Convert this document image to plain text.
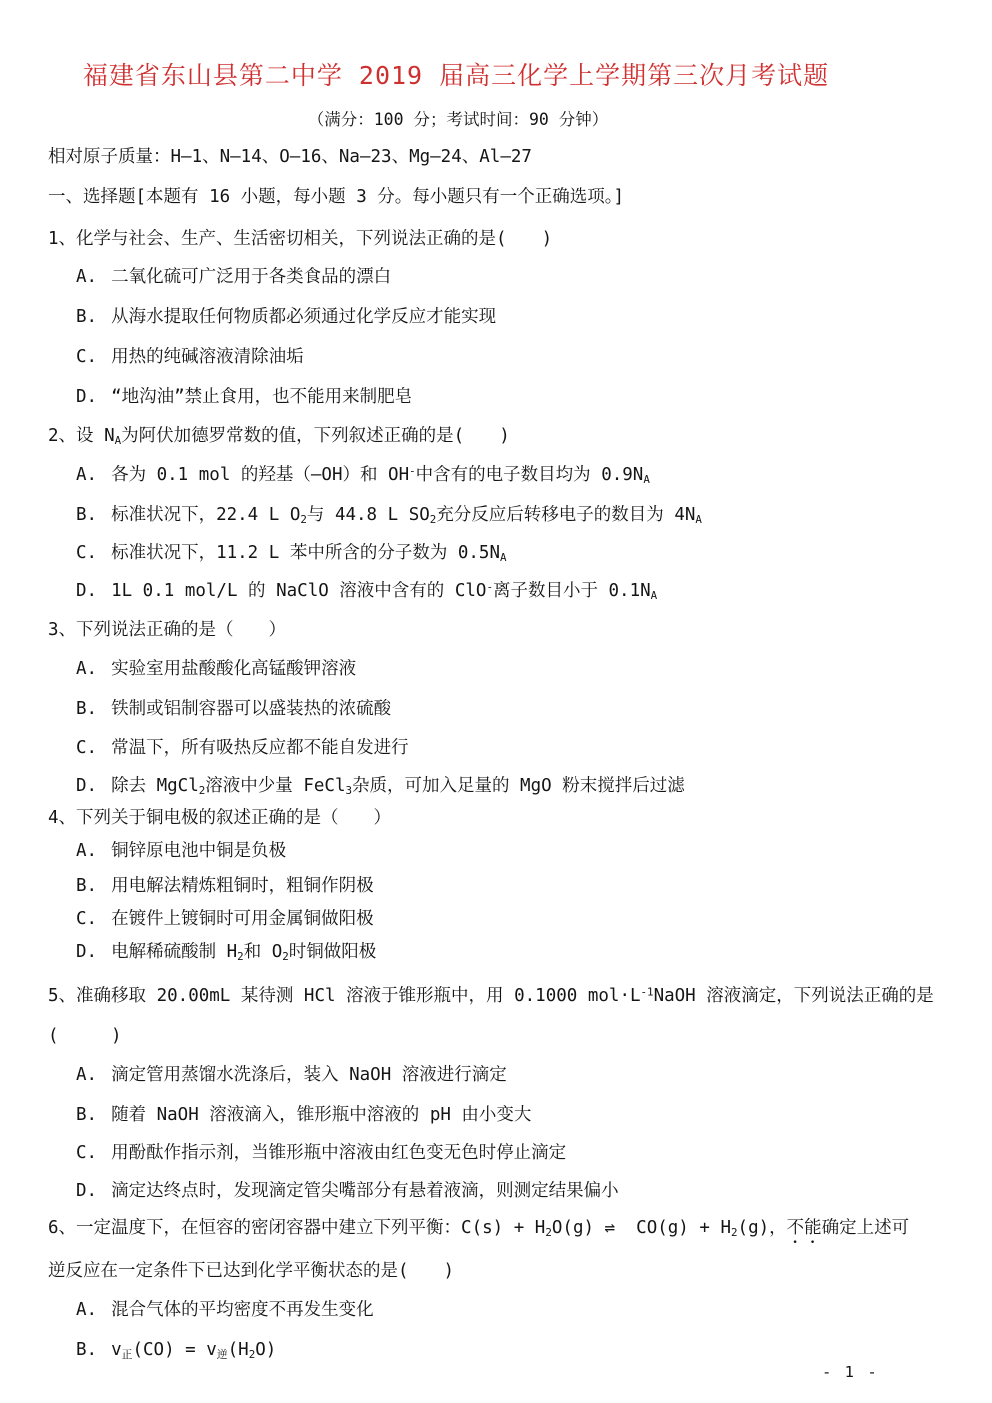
福建省东山县第二中学 2019 届高三化学上学期第三次月考试题
（满分：100 分；考试时间：90 分钟）
相对原子质量：H—1、N—14、O—16、Na—23、Mg—24、Al—27
一、选择题[本题有 16 小题，每小题 3 分。每小题只有一个正确选项。]
1、化学与社会、生产、生活密切相关，下列说法正确的是(　　)
A. 二氧化硫可广泛用于各类食品的漂白
B. 从海水提取任何物质都必须通过化学反应才能实现
C. 用热的纯碱溶液清除油垢
D. “地沟油”禁止食用，也不能用来制肥皂
2、设 $N_A$为阿伏加德罗常数的值，下列叙述正确的是(　　)
A. 各为 0.1 mol 的羟基（—OH）和 OH-中含有的电子数目均为 $0.9N_A$
B. 标准状况下，22.4 L $O_2$与 44.8 L $SO_2$充分反应后转移电子的数目为 $4N_A$
C. 标准状况下，11.2 L 苯中所含的分子数为 $0.5N_A$
D. 1L 0.1 mol/L 的 NaClO 溶液中含有的 ClO-离子数目小于 $0.1N_A$
3、下列说法正确的是（　　）
A. 实验室用盐酸酸化高锰酸钾溶液
B. 铁制或铝制容器可以盛装热的浓硫酸
C. 常温下，所有吸热反应都不能自发进行
D. 除去 MgCl$_2$溶液中少量 FeCl$_3$杂质，可加入足量的 MgO 粉末搅拌后过滤
4、下列关于铜电极的叙述正确的是（　　）
A. 铜锌原电池中铜是负极
B. 用电解法精炼粗铜时，粗铜作阴极
C. 在镀件上镀铜时可用金属铜做阳极
D. 电解稀硫酸制 $H_2$和 $O_2$时铜做阳极
5、准确移取 20.00mL 某待测 HCl 溶液于锥形瓶中，用 0.1000 $mol\cdot L^{-1}NaOH$ 溶液滴定，下列说法正确的是
(　　　)
A. 滴定管用蒸馏水洗涤后，装入 NaOH 溶液进行滴定
B. 随着 NaOH 溶液滴入，锥形瓶中溶液的 pH 由小变大
C. 用酚酞作指示剂，当锥形瓶中溶液由红色变无色时停止滴定
D. 滴定达终点时，发现滴定管尖嘴部分有悬着液滴，则测定结果偏小
6、一定温度下，在恒容的密闭容器中建立下列平衡：$C(s) + H_2O(g)$ ⇌  $CO(g) + H_2(g)$，不能确定上述可
逆反应在一定条件下已达到化学平衡状态的是(　　)
A. 混合气体的平均密度不再发生变化
B. $v_正(CO) = v_逆(H_2O)$
- 1 -
